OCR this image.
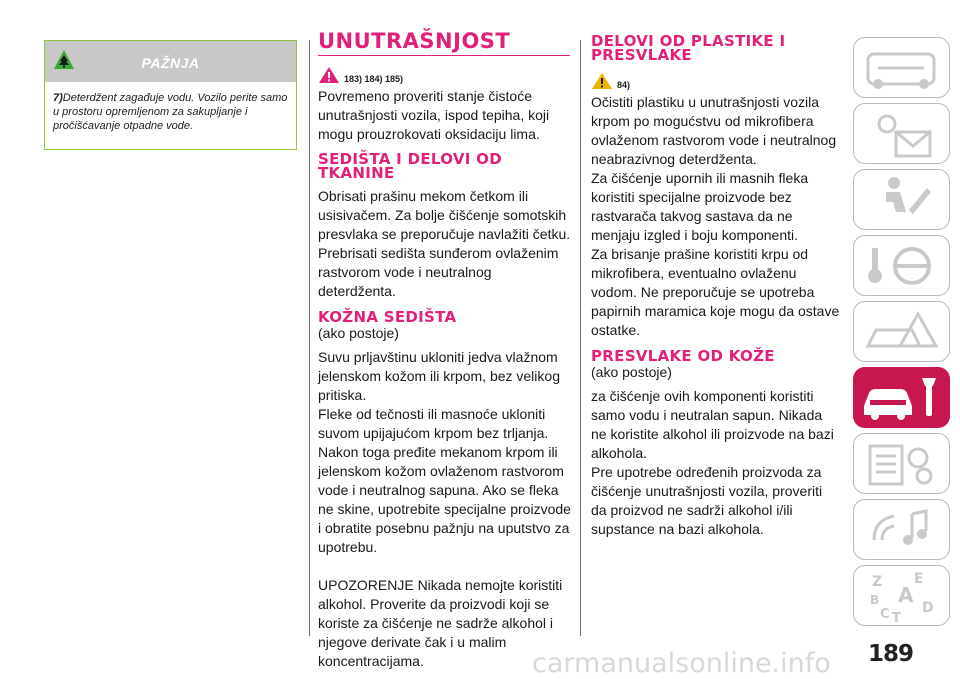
PAŽNJA
7)Deterdžent zagađuje vodu. Vozilo perite samo u prostoru opremljenom za sakupljanje i pročišćavanje otpadne vode.
UNUTRAŠNJOST
183) 184) 185)

Povremeno proveriti stanje čistoće unutrašnjosti vozila, ispod tepiha, koji mogu prouzrokovati oksidaciju lima.

SEDIŠTA I DELOVI OD TKANINE

Obrisati prašinu mekom četkom ili usisivačem. Za bolje čišćenje somotskih presvlaka se preporučuje navlažiti četku. Prebrisati sedišta sunđerom ovlaženim rastvorom vode i neutralnog deterdženta.

KOŽNA SEDIŠTA

(ako postoje)

Suvu prljavštinu ukloniti jedva vlažnom jelenskom kožom ili krpom, bez velikog pritiska.

Fleke od tečnosti ili masnoće ukloniti suvom upijajućom krpom bez trljanja. Nakon toga pređite mekanom krpom ili jelenskom kožom ovlaženom rastvorom vode i neutralnog sapuna. Ako se fleka ne skine, upotrebite specijalne proizvode i obratite posebnu pažnju na uputstvo za upotrebu.

UPOZORENJE Nikada nemojte koristiti alkohol. Proverite da proizvodi koji se koriste za čišćenje ne sadrže alkohol i njegove derivate čak i u malim koncentracijama.

DELOVI OD PLASTIKE I PRESVLAKE
84)

Očistiti plastiku u unutrašnjosti vozila krpom po mogućstvu od mikrofibera ovlaženom rastvorom vode i neutralnog neabrazivnog deterdženta.

Za čišćenje upornih ili masnih fleka koristiti specijalne proizvode bez rastvarača takvog sastava da ne menjaju izgled i boju komponenti.

Za brisanje prašine koristiti krpu od mikrofibera, eventualno ovlaženu vodom. Ne preporučuje se upotreba papirnih maramica koje mogu da ostave ostatke.

PRESVLAKE OD KOŽE

(ako postoje)

za čišćenje ovih komponenti koristiti samo vodu i neutralan sapun. Nikada ne koristite alkohol ili proizvode na bazi alkohola.

Pre upotrebe određenih proizvoda za čišćenje unutrašnjosti vozila, proveriti da proizvod ne sadrži alkohol i/ili supstance na bazi alkohola.

Z E
B A
C D
T
carmanualsonline.info 189
